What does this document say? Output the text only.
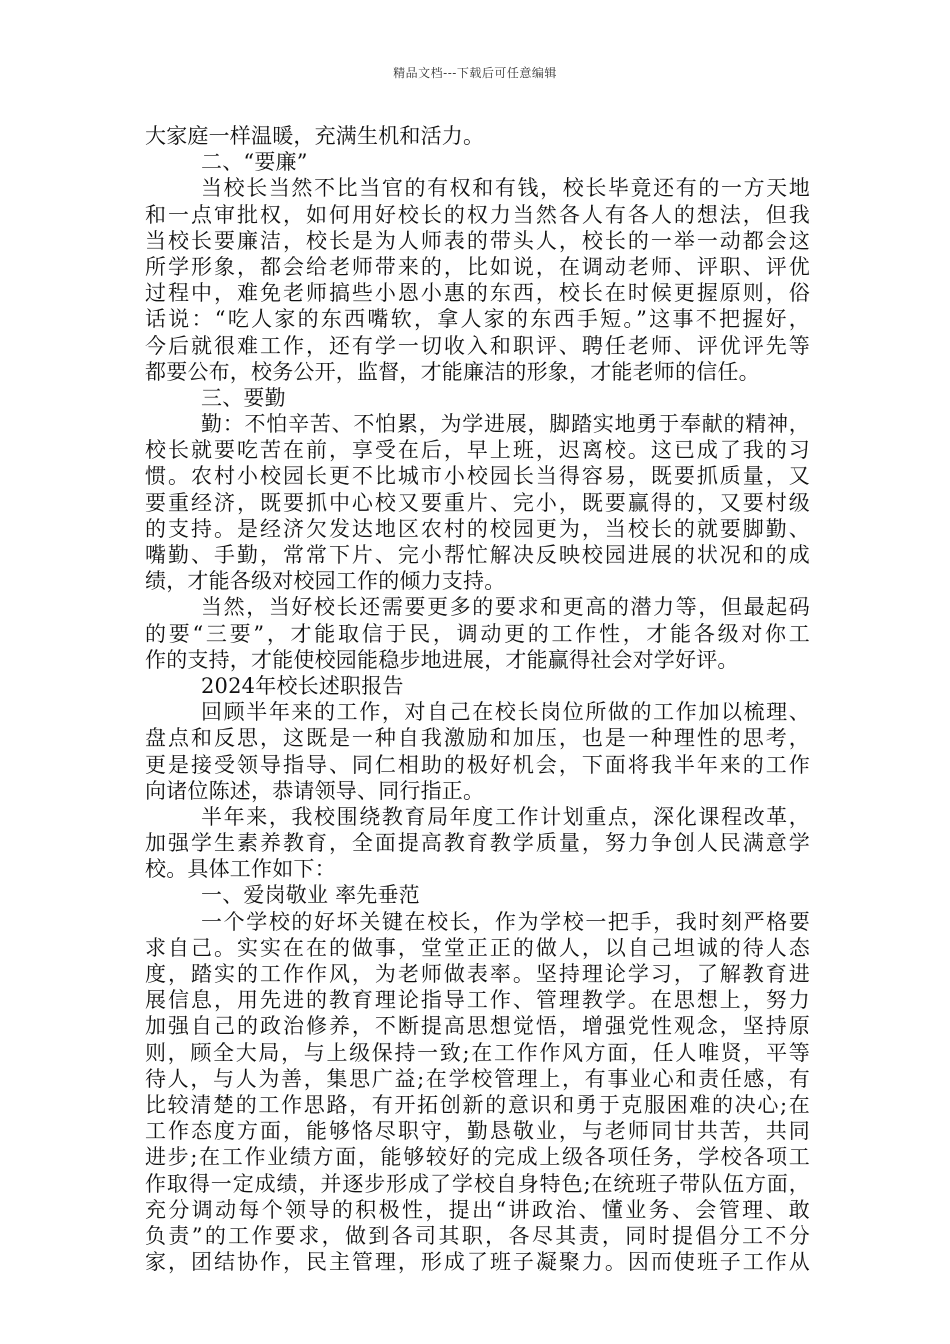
精品文档---下载后可任意编辑
大家庭一样温暖，充满生机和活力。
二、“要廉”
当校长当然不比当官的有权和有钱，校长毕竟还有的一方天地
和一点审批权，如何用好校长的权力当然各人有各人的想法，但我
当校长要廉洁，校长是为人师表的带头人，校长的一举一动都会这
所学形象，都会给老师带来的，比如说，在调动老师、评职、评优
过程中，难免老师搞些小恩小惠的东西，校长在时候更握原则，俗
话说：“吃人家的东西嘴软，拿人家的东西手短。”这事不把握好，
今后就很难工作，还有学一切收入和职评、聘任老师、评优评先等
都要公布，校务公开，监督，才能廉洁的形象，才能老师的信任。
三、要勤
勤：不怕辛苦、不怕累，为学进展，脚踏实地勇于奉献的精神，
校长就要吃苦在前，享受在后，早上班，迟离校。这已成了我的习
惯。农村小校园长更不比城市小校园长当得容易，既要抓质量，又
要重经济，既要抓中心校又要重片、完小，既要赢得的，又要村级
的支持。是经济欠发达地区农村的校园更为，当校长的就要脚勤、
嘴勤、手勤，常常下片、完小帮忙解决反映校园进展的状况和的成
绩，才能各级对校园工作的倾力支持。
当然，当好校长还需要更多的要求和更高的潜力等，但最起码
的要“三要”，才能取信于民，调动更的工作性，才能各级对你工
作的支持，才能使校园能稳步地进展，才能赢得社会对学好评。
2024年校长述职报告
回顾半年来的工作，对自己在校长岗位所做的工作加以梳理、
盘点和反思，这既是一种自我激励和加压，也是一种理性的思考，
更是接受领导指导、同仁相助的极好机会，下面将我半年来的工作
向诸位陈述，恭请领导、同行指正。
半年来，我校围绕教育局年度工作计划重点，深化课程改革，
加强学生素养教育，全面提高教育教学质量，努力争创人民满意学
校。具体工作如下：
一、爱岗敬业 率先垂范
一个学校的好坏关键在校长，作为学校一把手，我时刻严格要
求自己。实实在在的做事，堂堂正正的做人，以自己坦诚的待人态
度，踏实的工作作风，为老师做表率。坚持理论学习，了解教育进
展信息，用先进的教育理论指导工作、管理教学。在思想上，努力
加强自己的政治修养，不断提高思想觉悟，增强党性观念，坚持原
则，顾全大局，与上级保持一致;在工作作风方面，任人唯贤，平等
待人，与人为善，集思广益;在学校管理上，有事业心和责任感，有
比较清楚的工作思路，有开拓创新的意识和勇于克服困难的决心;在
工作态度方面，能够恪尽职守，勤恳敬业，与老师同甘共苦，共同
进步;在工作业绩方面，能够较好的完成上级各项任务，学校各项工
作取得一定成绩，并逐步形成了学校自身特色;在统班子带队伍方面，
充分调动每个领导的积极性，提出“讲政治、懂业务、会管理、敢
负责”的工作要求，做到各司其职，各尽其责，同时提倡分工不分
家，团结协作，民主管理，形成了班子凝聚力。因而使班子工作从
